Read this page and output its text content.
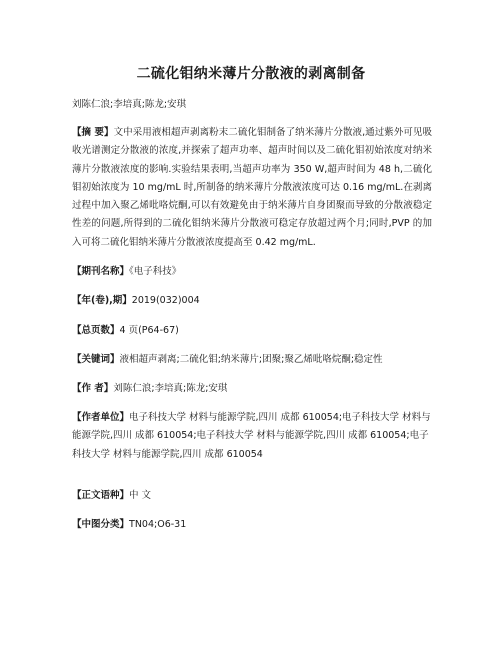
二硫化钼纳米薄片分散液的剥离制备
刘陈仁浪;李培真;陈龙;安琪
【摘 要】文中采用液相超声剥离粉末二硫化钼制备了纳米薄片分散液,通过紫外可见吸收光谱测定分散液的浓度,并探索了超声功率、超声时间以及二硫化钼初始浓度对纳米薄片分散液浓度的影响.实验结果表明,当超声功率为 350 W,超声时间为 48 h,二硫化钼初始浓度为 10 mg/mL 时,所制备的纳米薄片分散液浓度可达 0.16 mg/mL.在剥离过程中加入聚乙烯吡咯烷酮,可以有效避免由于纳米薄片自身团聚而导致的分散液稳定性差的问题,所得到的二硫化钼纳米薄片分散液可稳定存放超过两个月;同时,PVP 的加入可将二硫化钼纳米薄片分散液浓度提高至 0.42 mg/mL.
【期刊名称】《电子科技》
【年(卷),期】2019(032)004
【总页数】4 页(P64-67)
【关键词】液相超声剥离;二硫化钼;纳米薄片;团聚;聚乙烯吡咯烷酮;稳定性
【作 者】刘陈仁浪;李培真;陈龙;安琪
【作者单位】电子科技大学 材料与能源学院,四川 成都 610054;电子科技大学 材料与能源学院,四川 成都 610054;电子科技大学 材料与能源学院,四川 成都 610054;电子科技大学 材料与能源学院,四川 成都 610054
【正文语种】中 文
【中图分类】TN04;O6-31
